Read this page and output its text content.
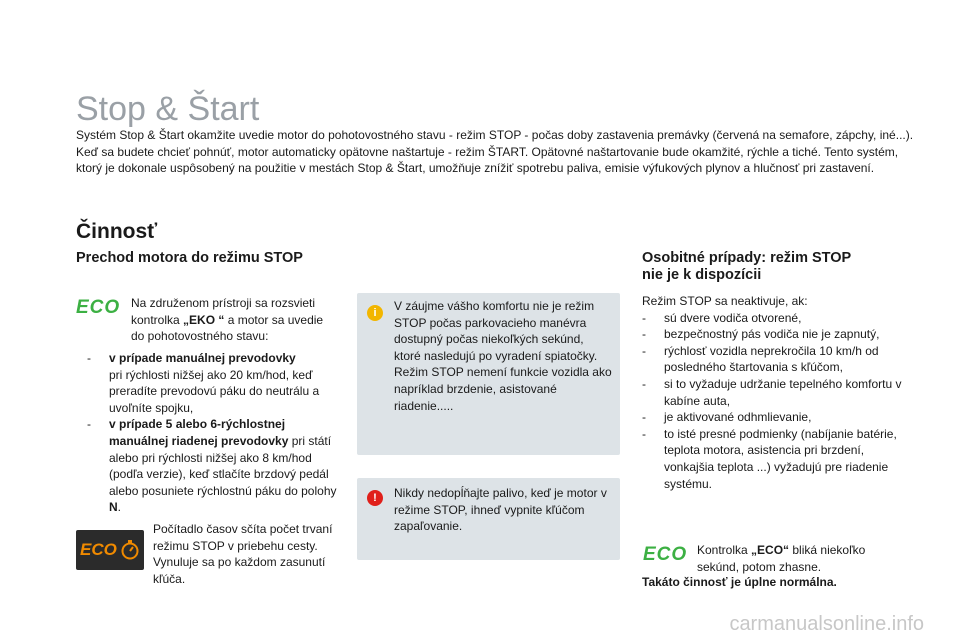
Stop & Štart
Systém Stop & Štart okamžite uvedie motor do pohotovostného stavu - režim STOP - počas doby zastavenia premávky (červená na semafore, zápchy, iné...). Keď sa budete chcieť pohnúť, motor automaticky opätovne naštartuje - režim ŠTART. Opätovné naštartovanie bude okamžité, rýchle a tiché. Tento systém, ktorý je dokonale uspôsobený na použitie v mestách Stop & Štart, umožňuje znížiť spotrebu paliva, emisie výfukových plynov a hlučnosť pri zastavení.
Činnosť
Prechod motora do režimu STOP
ECO Na združenom prístroji sa rozsvieti kontrolka „EKO “ a motor sa uvedie do pohotovostného stavu:
- v prípade manuálnej prevodovky
pri rýchlosti nižšej ako 20 km/hod, keď preradíte prevodovú páku do neutrálu a uvoľníte spojku,
- v prípade 5 alebo 6-rýchlostnej manuálnej riadenej prevodovky pri státí alebo pri rýchlosti nižšej ako 8 km/hod (podľa verzie), keď stlačíte brzdový pedál alebo posuniete rýchlostnú páku do polohy N.
ECO
Počítadlo časov sčíta počet trvaní režimu STOP v priebehu cesty. Vynuluje sa po každom zasunutí kľúča.
i	V záujme vášho komfortu nie je režim STOP počas parkovacieho manévra dostupný počas niekoľkých sekúnd, ktoré nasledujú po vyradení spiatočky. Režim STOP nemení funkcie vozidla ako napríklad brzdenie, asistované riadenie.....
!	Nikdy nedopĺňajte palivo, keď je motor v režime STOP, ihneď vypnite kľúčom zapaľovanie.
Osobitné prípady: režim STOP
nie je k dispozícii
Režim STOP sa neaktivuje, ak:
- sú dvere vodiča otvorené,
- bezpečnostný pás vodiča nie je zapnutý,
- rýchlosť vozidla neprekročila 10 km/h od posledného štartovania s kľúčom,
- si to vyžaduje udržanie tepelného komfortu v kabíne auta,
- je aktivované odhmlievanie,
- to isté presné podmienky (nabíjanie batérie, teplota motora, asistencia pri brzdení, vonkajšia teplota ...) vyžadujú pre riadenie systému.
ECO Kontrolka „ECO“ bliká niekoľko sekúnd, potom zhasne.
Takáto činnosť je úplne normálna.
carmanualsonline.info
